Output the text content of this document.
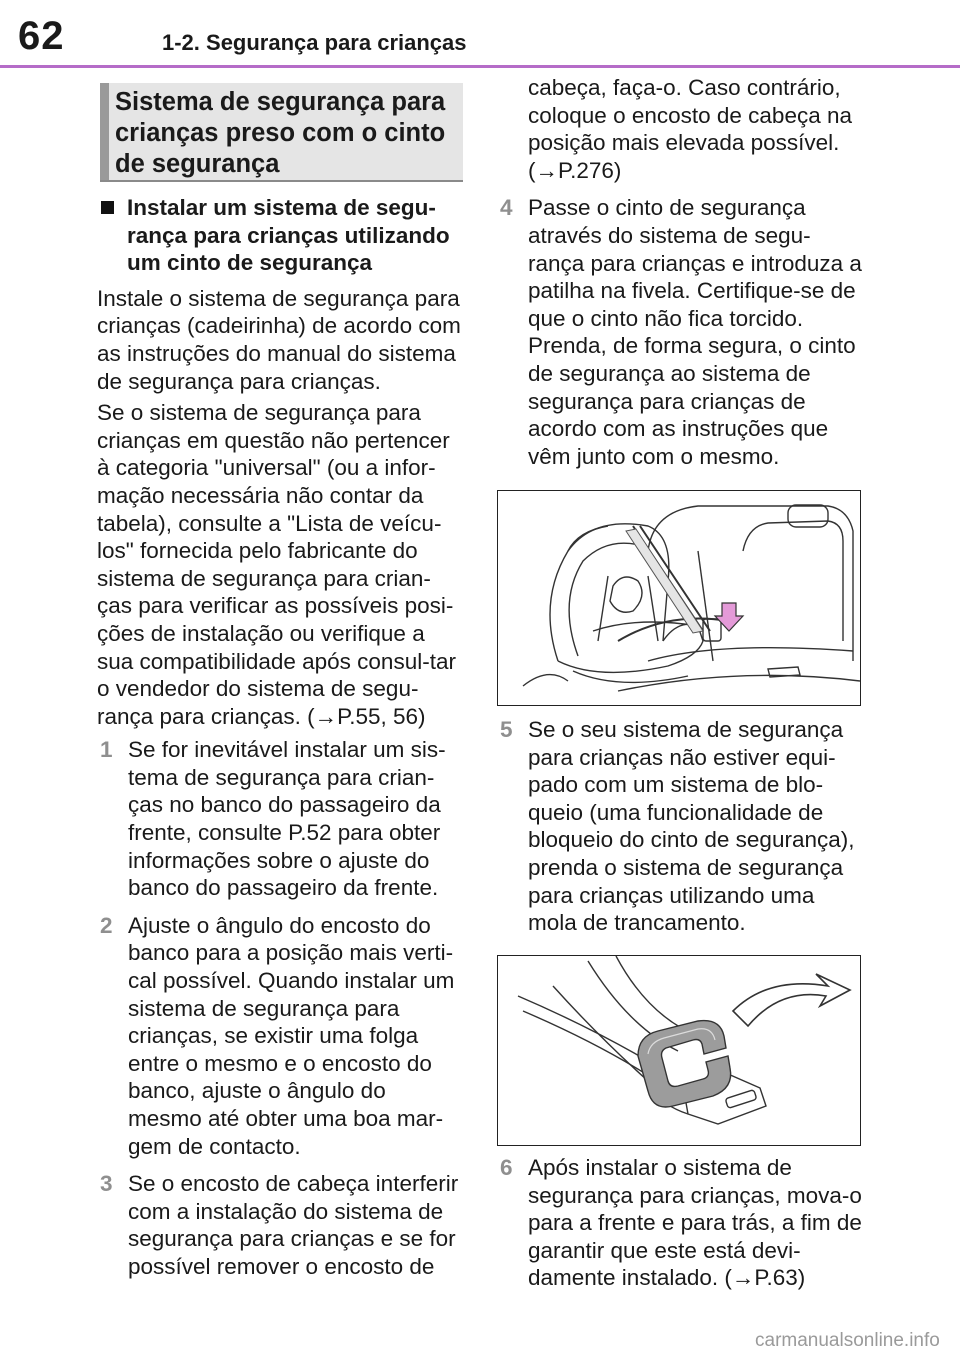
62	1-2. Segurança para crianças
Sistema de segurança para crianças preso com o cinto de segurança
Instalar um sistema de segu-rança para crianças utilizando um cinto de segurança

Instale o sistema de segurança para crianças (cadeirinha) de acordo com as instruções do manual do sistema de segurança para crianças.

Se o sistema de segurança para crianças em questão não pertencer à categoria "universal" (ou a infor-mação necessária não contar da tabela), consulte a "Lista de veícu-los" fornecida pelo fabricante do sistema de segurança para crian-ças para verificar as possíveis posi-ções de instalação ou verifique a sua compatibilidade após consul-tar o vendedor do sistema de segu-rança para crianças. (→P.55, 56)

1 Se for inevitável instalar um sis-tema de segurança para crian-ças no banco do passageiro da frente, consulte P.52 para obter informações sobre o ajuste do banco do passageiro da frente.
2 Ajuste o ângulo do encosto do banco para a posição mais verti-cal possível. Quando instalar um sistema de segurança para crianças, se existir uma folga entre o mesmo e o encosto do banco, ajuste o ângulo do mesmo até obter uma boa mar-gem de contacto.
3 Se o encosto de cabeça interferir com a instalação do sistema de segurança para crianças e se for possível remover o encosto de
cabeça, faça-o. Caso contrário, coloque o encosto de cabeça na posição mais elevada possível. (→P.276)
4 Passe o cinto de segurança através do sistema de segu-rança para crianças e introduza a patilha na fivela. Certifique-se de que o cinto não fica torcido. Prenda, de forma segura, o cinto de segurança ao sistema de segurança para crianças de acordo com as instruções que vêm junto com o mesmo.
5 Se o seu sistema de segurança para crianças não estiver equi-pado com um sistema de blo-queio (uma funcionalidade de bloqueio do cinto de segurança), prenda o sistema de segurança para crianças utilizando uma mola de trancamento.
6 Após instalar o sistema de segurança para crianças, mova-o para a frente e para trás, a fim de garantir que este está devi-damente instalado. (→P.63)
carmanualsonline.info
